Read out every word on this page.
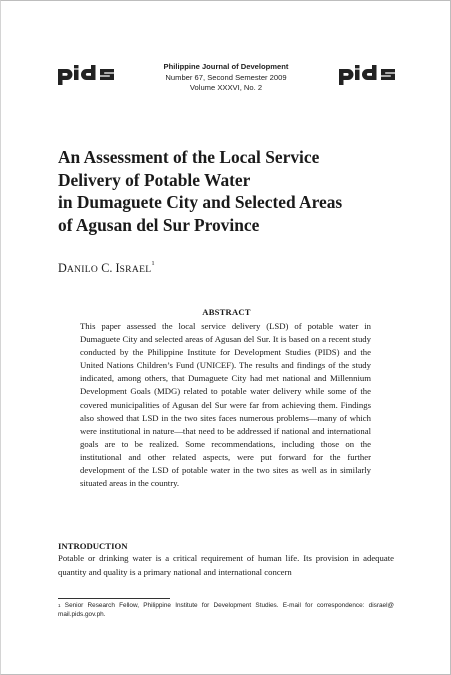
Philippine Journal of Development
Number 67, Second Semester 2009
Volume XXXVI, No. 2
An Assessment of the Local Service
Delivery of Potable Water
in Dumaguete City and Selected Areas
of Agusan del Sur Province
DANILO C. ISRAEL$^1$
ABSTRACT

This paper assessed the local service delivery (LSD) of potable water in Dumaguete City and selected areas of Agusan del Sur. It is based on a recent study conducted by the Philippine Institute for Development Studies (PIDS) and the United Nations Children’s Fund (UNICEF). The results and findings of the study indicated, among others, that Dumaguete City had met national and Millennium Development Goals (MDG) related to potable water delivery while some of the covered municipalities of Agusan del Sur were far from achieving them. Findings also showed that LSD in the two sites faces numerous problems—many of which were institutional in nature—that need to be addressed if national and international goals are to be realized. Some recommendations, including those on the institutional and other related aspects, were put forward for the further development of the LSD of potable water in the two sites as well as in similarly situated areas in the country.

INTRODUCTION

Potable or drinking water is a critical requirement of human life. Its provision in adequate quantity and quality is a primary national and international concern

$^1$ Senior Research Fellow, Philippine Institute for Development Studies. E-mail for correspondence: disrael@ mail.pids.gov.ph.
